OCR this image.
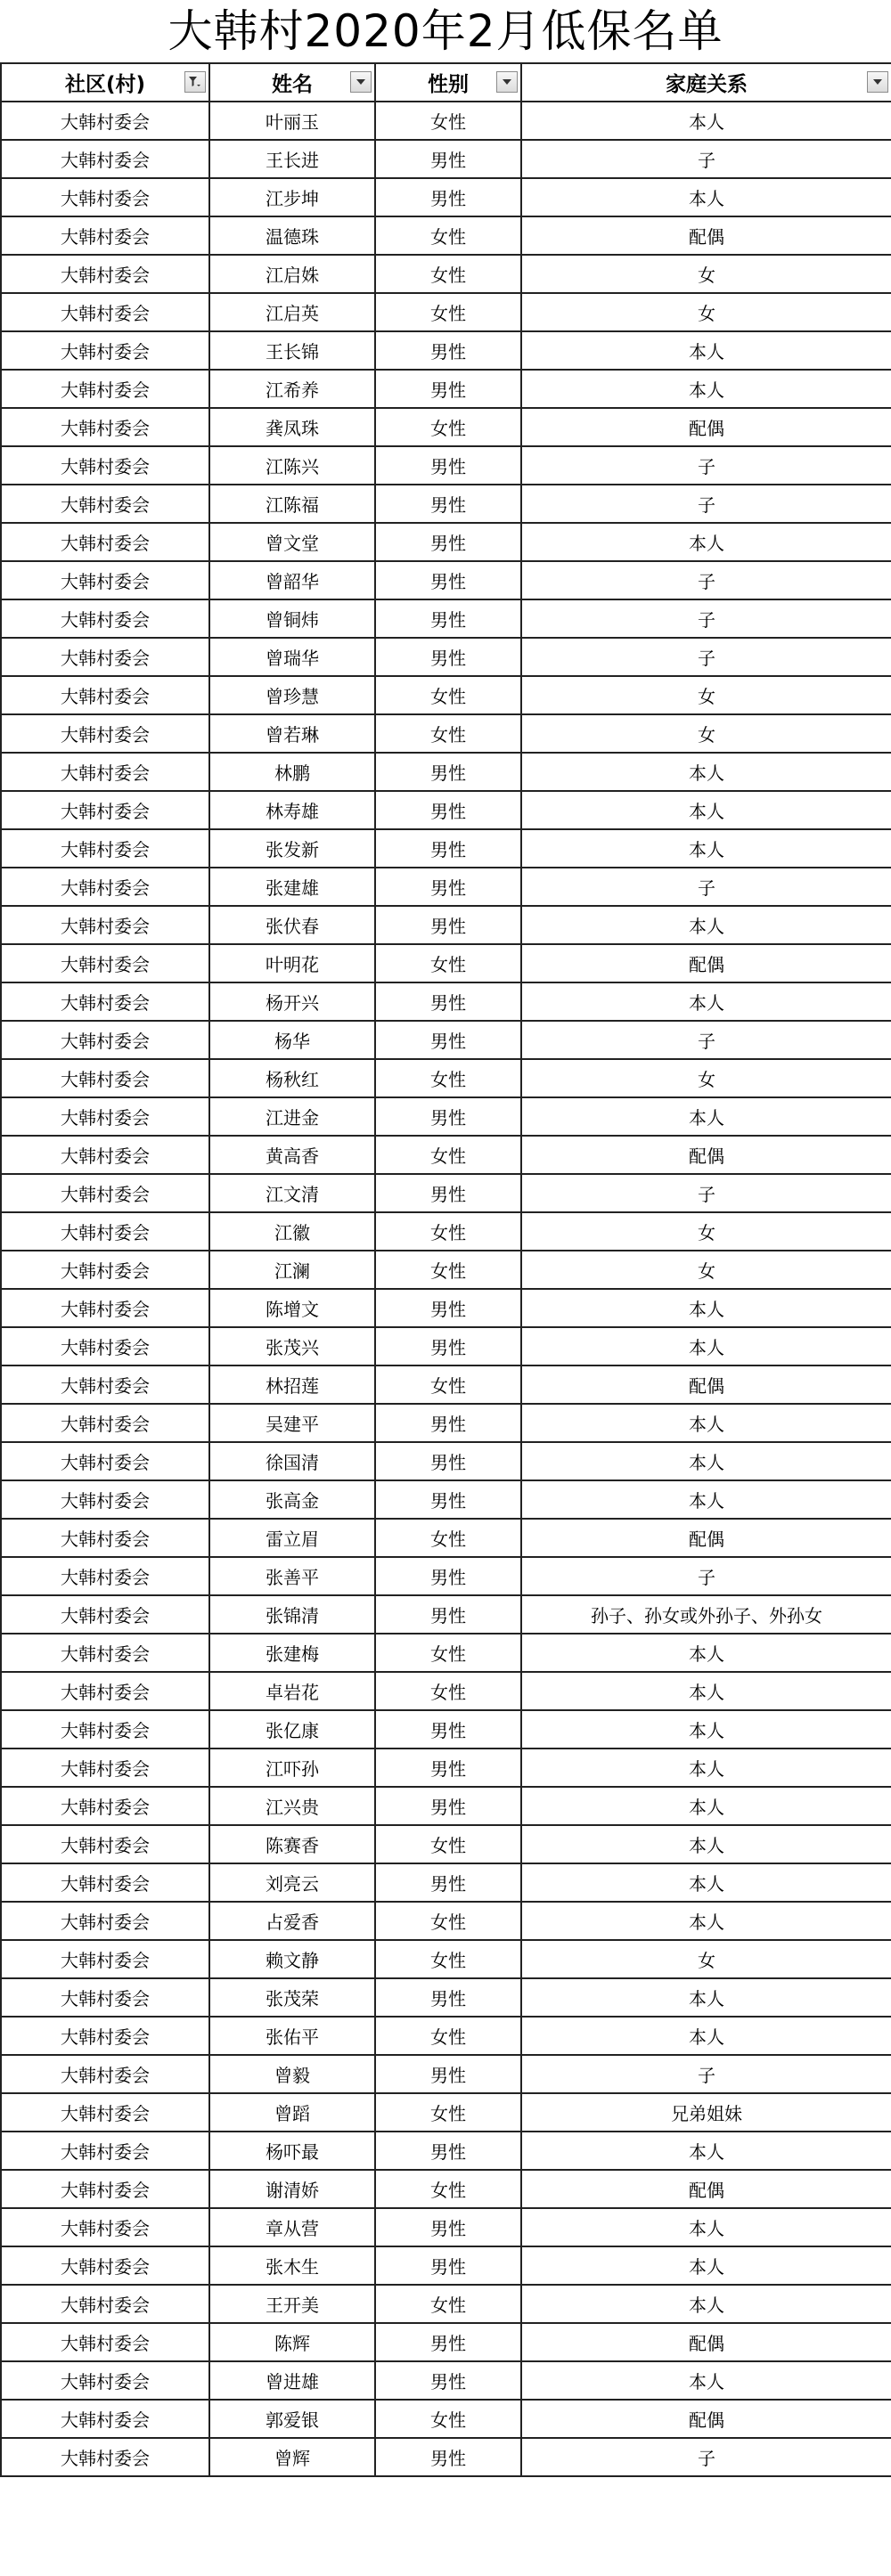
大韩村2020年2月低保名单
社区(村)	姓名	性别	家庭关系

大韩村委会	叶丽玉	女性	本人
大韩村委会	王长进	男性	子
大韩村委会	江步坤	男性	本人
大韩村委会	温德珠	女性	配偶
大韩村委会	江启姝	女性	女
大韩村委会	江启英	女性	女
大韩村委会	王长锦	男性	本人
大韩村委会	江希养	男性	本人
大韩村委会	龚凤珠	女性	配偶
大韩村委会	江陈兴	男性	子
大韩村委会	江陈福	男性	子
大韩村委会	曾文堂	男性	本人
大韩村委会	曾韶华	男性	子
大韩村委会	曾铜炜	男性	子
大韩村委会	曾瑞华	男性	子
大韩村委会	曾珍慧	女性	女
大韩村委会	曾若琳	女性	女
大韩村委会	林鹏	男性	本人
大韩村委会	林寿雄	男性	本人
大韩村委会	张发新	男性	本人
大韩村委会	张建雄	男性	子
大韩村委会	张伏春	男性	本人
大韩村委会	叶明花	女性	配偶
大韩村委会	杨开兴	男性	本人
大韩村委会	杨华	男性	子
大韩村委会	杨秋红	女性	女
大韩村委会	江进金	男性	本人
大韩村委会	黄高香	女性	配偶
大韩村委会	江文清	男性	子
大韩村委会	江徽	女性	女
大韩村委会	江澜	女性	女
大韩村委会	陈增文	男性	本人
大韩村委会	张茂兴	男性	本人
大韩村委会	林招莲	女性	配偶
大韩村委会	吴建平	男性	本人
大韩村委会	徐国清	男性	本人
大韩村委会	张高金	男性	本人
大韩村委会	雷立眉	女性	配偶
大韩村委会	张善平	男性	子
大韩村委会	张锦清	男性	孙子、孙女或外孙子、外孙女
大韩村委会	张建梅	女性	本人
大韩村委会	卓岩花	女性	本人
大韩村委会	张亿康	男性	本人
大韩村委会	江吓孙	男性	本人
大韩村委会	江兴贵	男性	本人
大韩村委会	陈赛香	女性	本人
大韩村委会	刘亮云	男性	本人
大韩村委会	占爱香	女性	本人
大韩村委会	赖文静	女性	女
大韩村委会	张茂荣	男性	本人
大韩村委会	张佑平	女性	本人
大韩村委会	曾毅	男性	子
大韩村委会	曾蹈	女性	兄弟姐妹
大韩村委会	杨吓最	男性	本人
大韩村委会	谢清娇	女性	配偶
大韩村委会	章从营	男性	本人
大韩村委会	张木生	男性	本人
大韩村委会	王开美	女性	本人
大韩村委会	陈辉	男性	配偶
大韩村委会	曾进雄	男性	本人
大韩村委会	郭爱银	女性	配偶
大韩村委会	曾辉	男性	子
